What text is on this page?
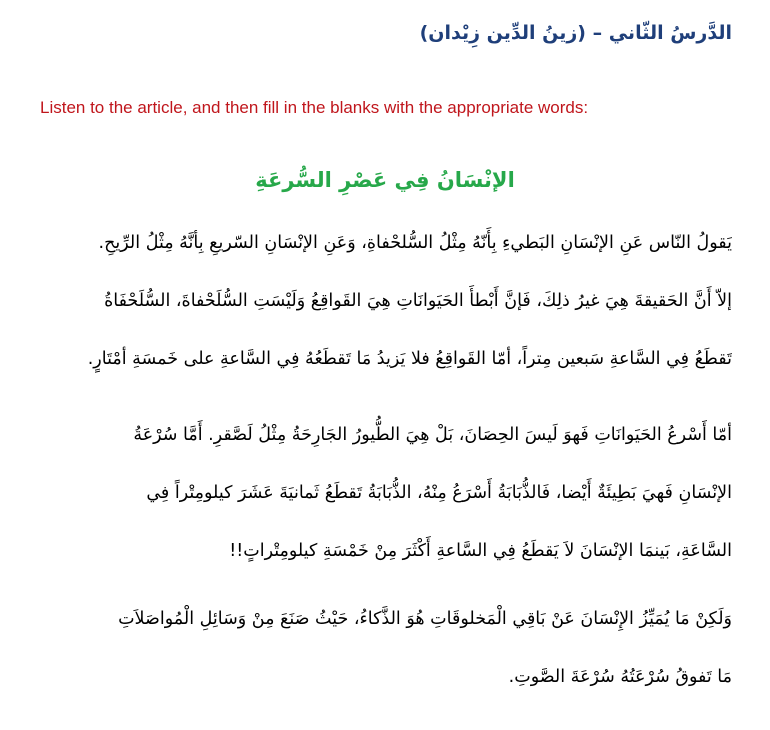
الدَّرسُ الثّاني – (زينُ الدِّين زِيْدان)
Listen to the article, and then fill in the blanks with the appropriate words:
الإنْسَانُ فِي عَصْرِ السُّرعَةِ
يَقولُ النّاس عَنِ الإنْسَانِ البَطيءِ بِأَنّهُ مِثْلُ السُّلحْفاةِ، وَعَنِ الإنْسَانِ السّريعِ بِأنَّهُ مِثْلُ الرِّيحِ.
إلاّ أَنَّ الحَقيقةَ هِيَ غيرُ ذلِكَ، فَإنَّ أَبْطأَ الحَيَوانَاتِ هِيَ القَواقِعُ وَلَيْسَتِ السُّلَحْفاةَ، السُّلَحْفَاةُ
تَقطَعُ فِي السَّاعةِ سَبعين مِتراً، أمّا القَواقِعُ فلا يَزيدُ مَا تَقطَعُهُ فِي السَّاعةِ على خَمسَةِ أمْتَارٍ.
أمّا أَسْرعُ الحَيَوانَاتِ فَهوَ لَيسَ الحِصَانَ، بَلْ هِيَ الطُّيورُ الجَارِحَةُ مِثْلُ لَصَّقرِ. أَمَّا سُرْعَةُ
الإنْسَانِ فَهيَ بَطِيئَةٌ أَيْضا، فَالذُّبَابَةُ أَسْرَعُ مِنْهُ، الذُّبَابَةُ تَقطَعُ ثَمانيَةَ عَشَرَ كيلومِتْراً فِي
السَّاعَةِ، بَينمَا الإنْسَانَ لاَ يَقطَعُ فِي السَّاعةِ أَكْثَرَ مِنْ خَمْسَةِ كيلومِتْراتٍ!!
وَلَكِنْ مَا يُمَيِّزُ الإِنْسَانَ عَنْ بَاقِي الْمَخلوقَاتِ هُوَ الذَّكاءُ، حَيْثُ صَنَعَ مِنْ وَسَائِلِ الْمُواصَلاَتِ
مَا تَفوقُ سُرْعَتُهُ سُرْعَةَ الصَّوتِ.
